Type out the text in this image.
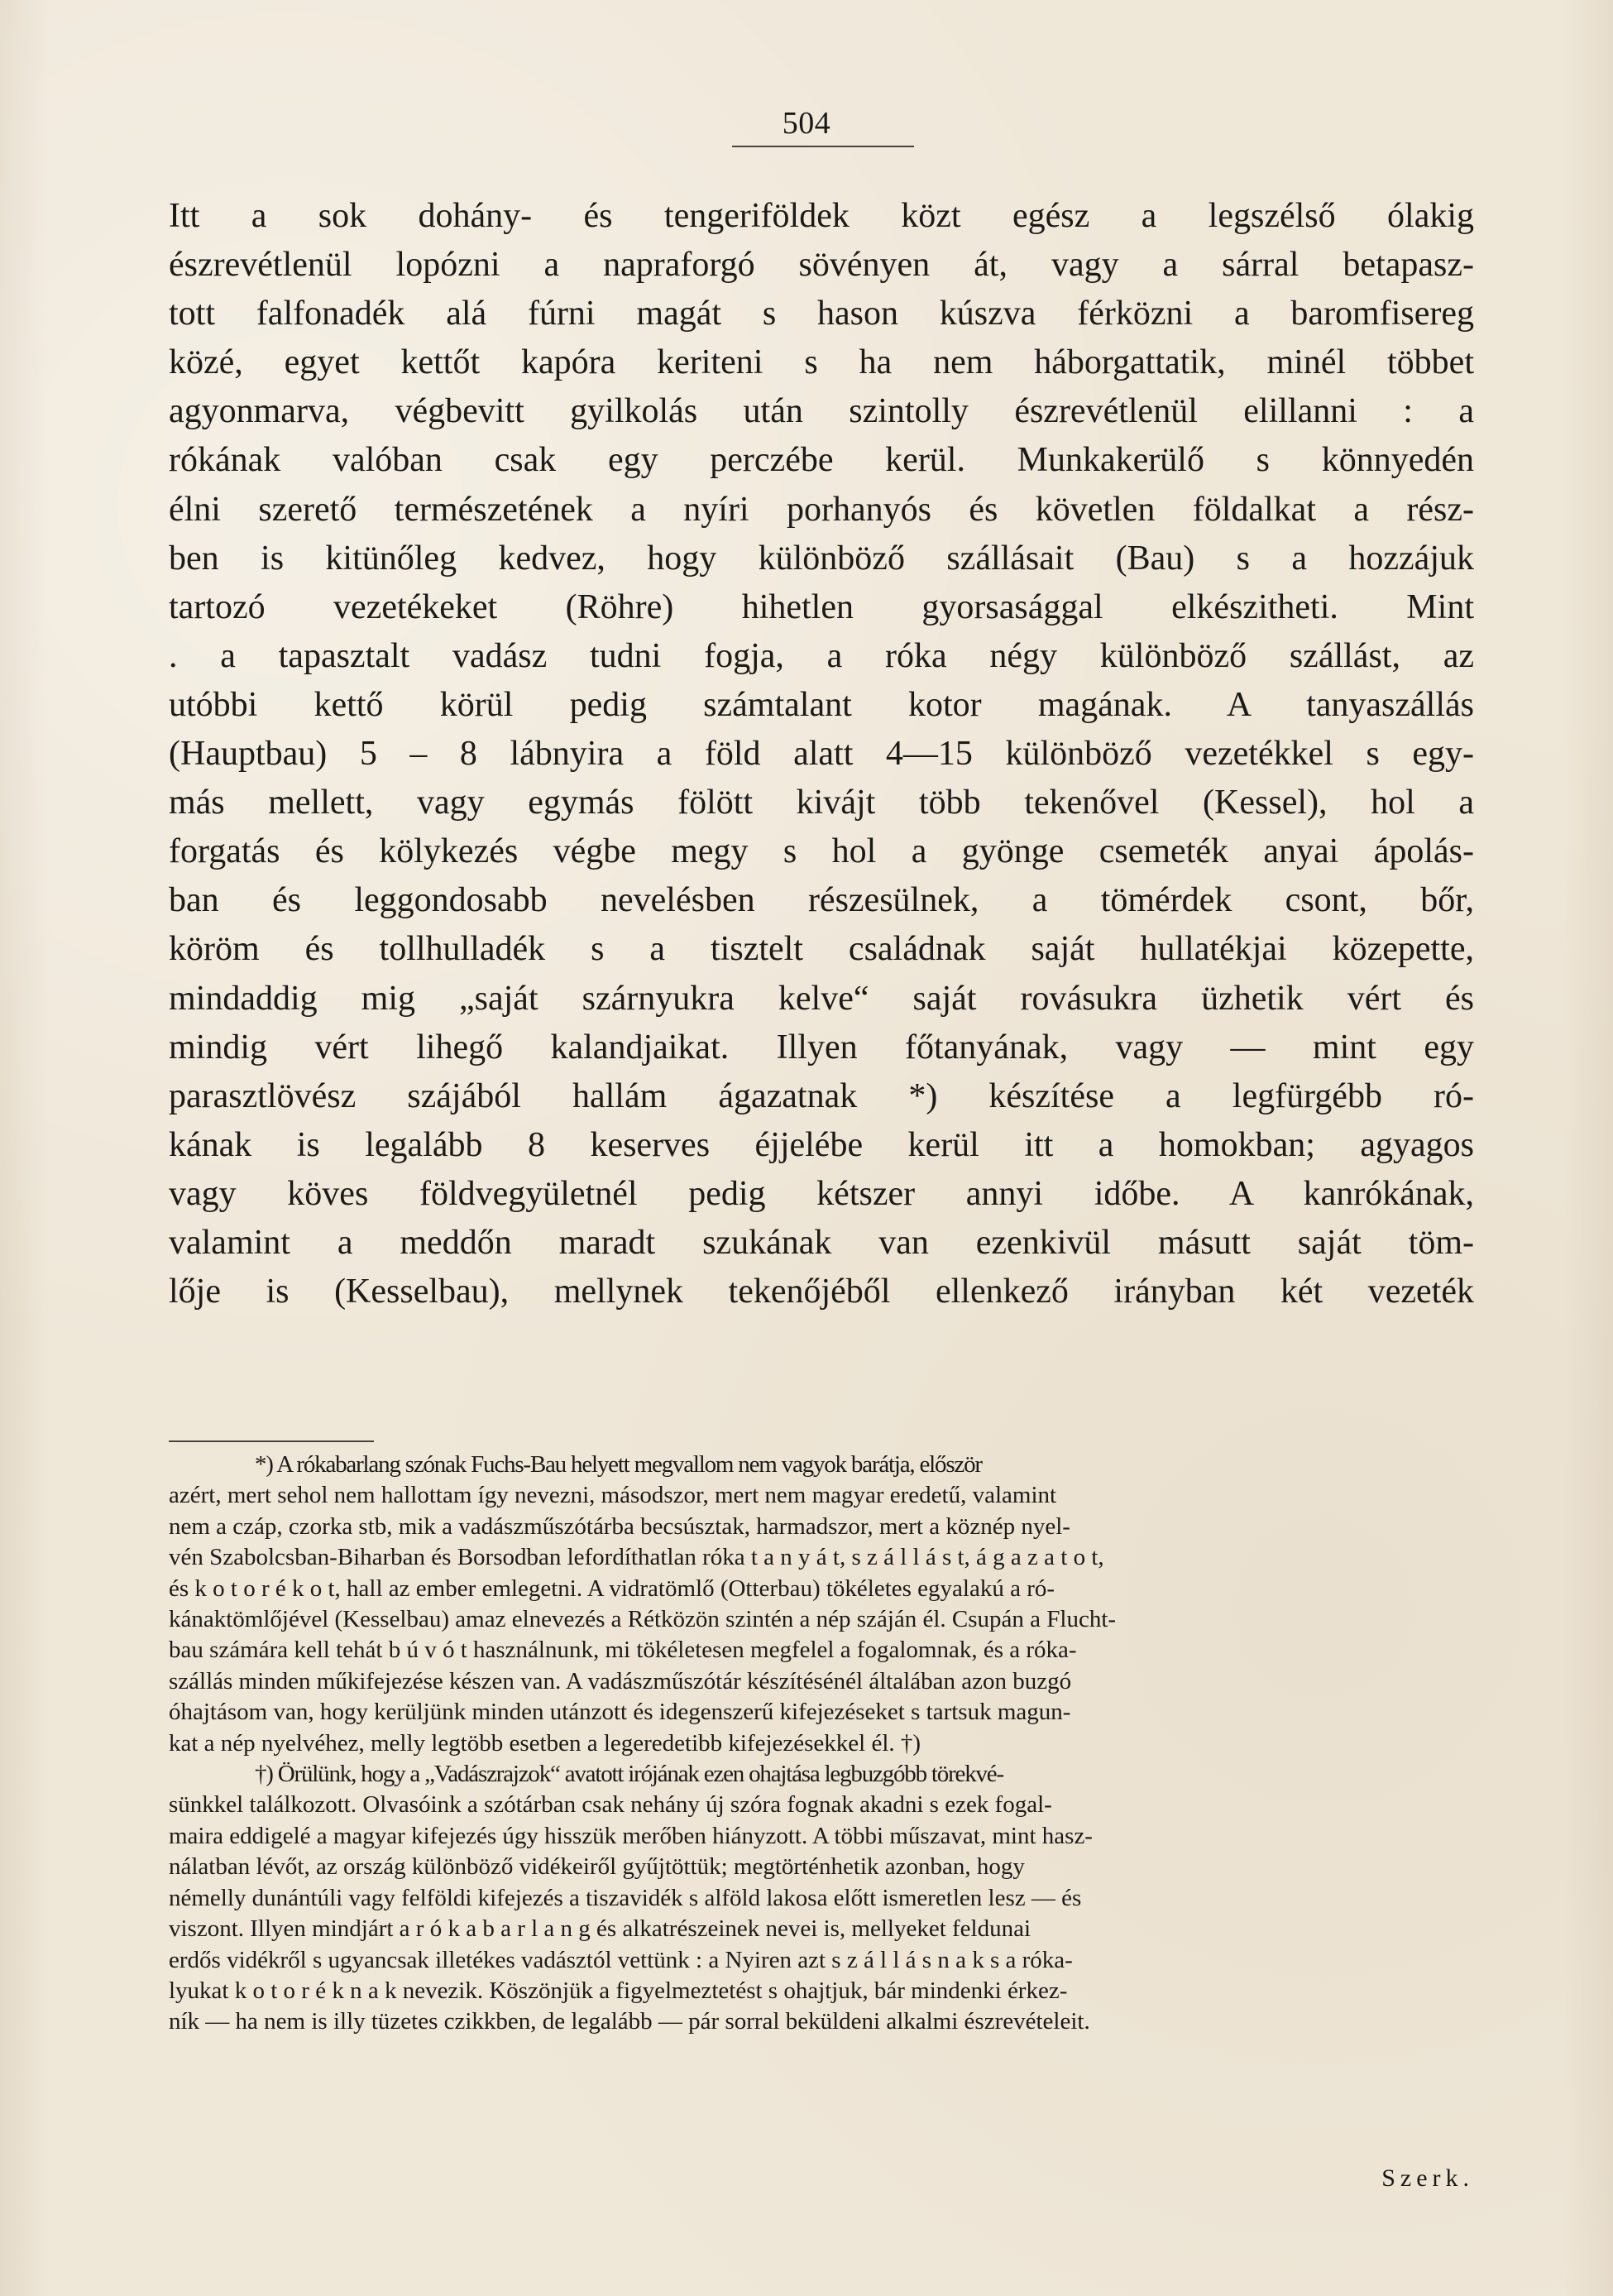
504
Itt a sok dohány- és tengeriföldek közt egész a legszélső ólakig
észrevétlenül lopózni a napraforgó sövényen át, vagy a sárral betapasz-
tott falfonadék alá fúrni magát s hason kúszva férközni a baromfisereg
közé, egyet kettőt kapóra keriteni s ha nem háborgattatik, minél többet
agyonmarva, végbevitt gyilkolás után szintolly észrevétlenül elillanni : a
rókának valóban csak egy perczébe kerül. Munkakerülő s könnyedén
élni szerető természetének a nyíri porhanyós és követlen földalkat a rész-
ben is kitünőleg kedvez, hogy különböző szállásait (Bau) s a hozzájuk
tartozó vezetékeket (Röhre) hihetlen gyorsasággal elkészitheti. Mint
. a tapasztalt vadász tudni fogja, a róka négy különböző szállást, az
utóbbi kettő körül pedig számtalant kotor magának. A tanyaszállás
(Hauptbau) 5 – 8 lábnyira a föld alatt 4—15 különböző vezetékkel s egy-
más mellett, vagy egymás fölött kivájt több tekenővel (Kessel), hol a
forgatás és kölykezés végbe megy s hol a gyönge csemeték anyai ápolás-
ban és leggondosabb nevelésben részesülnek, a tömérdek csont, bőr,
köröm és tollhulladék s a tisztelt családnak saját hullatékjai közepette,
mindaddig mig „saját szárnyukra kelve“ saját rovásukra üzhetik vért és
mindig vért lihegő kalandjaikat. Illyen főtanyának, vagy — mint egy
parasztlövész szájából hallám ágazatnak *) készítése a legfürgébb ró-
kának is legalább 8 keserves éjjelébe kerül itt a homokban; agyagos
vagy köves földvegyületnél pedig kétszer annyi időbe. A kanrókának,
valamint a meddőn maradt szukának van ezenkivül másutt saját töm-
lője is (Kesselbau), mellynek tekenőjéből ellenkező irányban két vezeték
*) A rókabarlang szónak Fuchs-Bau helyett megvallom nem vagyok barátja, először
azért, mert sehol nem hallottam így nevezni, másodszor, mert nem magyar eredetű, valamint
nem a czáp, czorka stb, mik a vadászműszótárba becsúsztak, harmadszor, mert a köznép nyel-
vén Szabolcsban-Biharban és Borsodban lefordíthatlan róka t a n y á t, s z á l l á s t, á g a z a t o t,
és k o t o r é k o t, hall az ember emlegetni. A vidratömlő (Otterbau) tökéletes egyalakú a ró-
kánaktömlőjével (Kesselbau) amaz elnevezés a Rétközön szintén a nép száján él. Csupán a Flucht-
bau számára kell tehát b ú v ó t használnunk, mi tökéletesen megfelel a fogalomnak, és a róka-
szállás minden műkifejezése készen van. A vadászműszótár készítésénél általában azon buzgó
óhajtásom van, hogy kerüljünk minden utánzott és idegenszerű kifejezéseket s tartsuk magun-
kat a nép nyelvéhez, melly legtöbb esetben a legeredetibb kifejezésekkel él. †)
†) Örülünk, hogy a „Vadászrajzok“ avatott irójának ezen ohajtása legbuzgóbb törekvé-
sünkkel találkozott. Olvasóink a szótárban csak nehány új szóra fognak akadni s ezek fogal-
maira eddigelé a magyar kifejezés úgy hisszük merőben hiányzott. A többi műszavat, mint hasz-
nálatban lévőt, az ország különböző vidékeiről gyűjtöttük; megtörténhetik azonban, hogy
némelly dunántúli vagy felföldi kifejezés a tiszavidék s alföld lakosa előtt ismeretlen lesz — és
viszont. Illyen mindjárt a r ó k a b a r l a n g és alkatrészeinek nevei is, mellyeket feldunai
erdős vidékről s ugyancsak illetékes vadásztól vettünk : a Nyiren azt s z á l l á s n a k s a róka-
lyukat k o t o r é k n a k nevezik. Köszönjük a figyelmeztetést s ohajtjuk, bár mindenki érkez-
ník — ha nem is illy tüzetes czikkben, de legalább — pár sorral beküldeni alkalmi észrevételeit.
Szerk.
